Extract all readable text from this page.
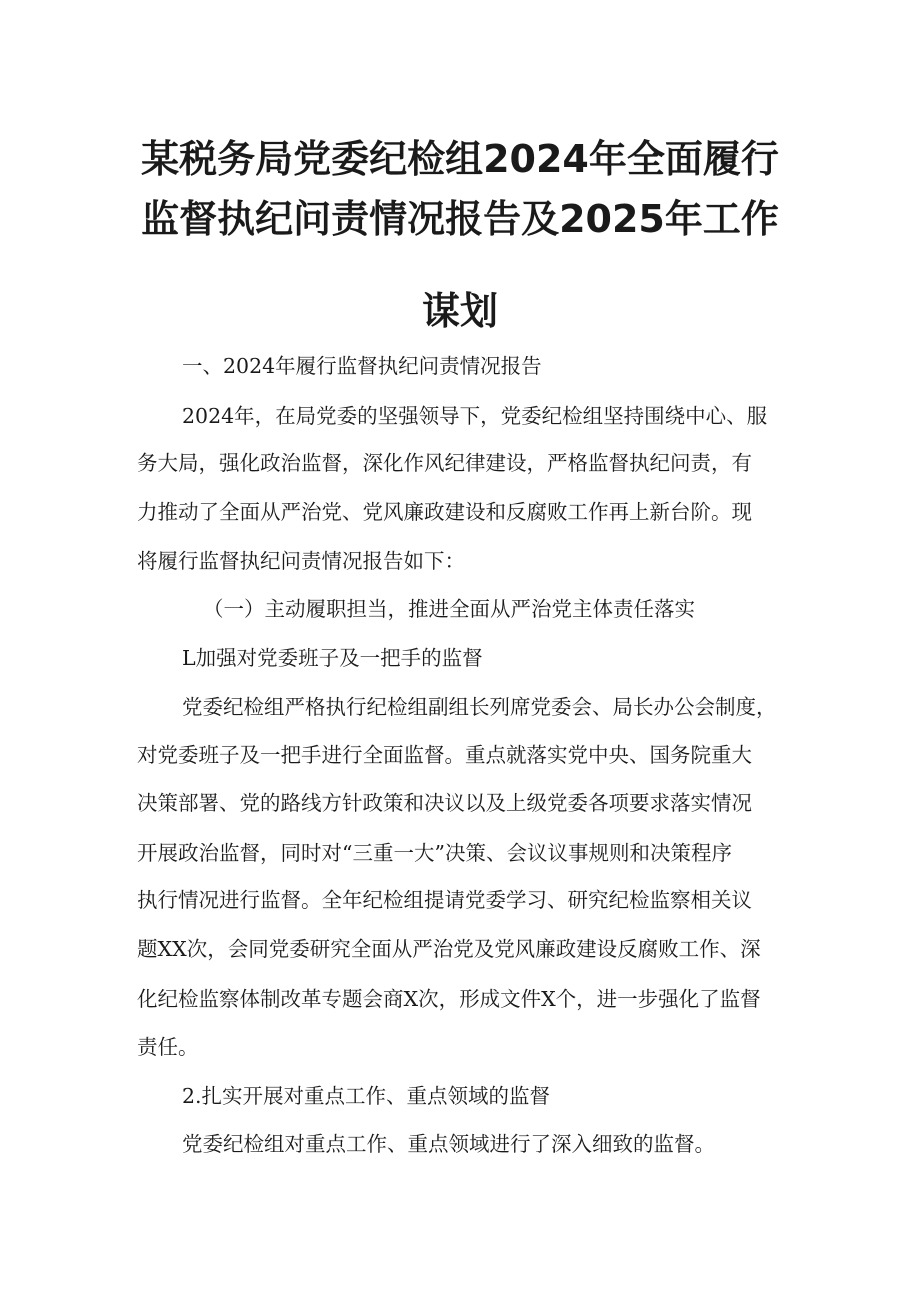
某税务局党委纪检组2024年全面履行
监督执纪问责情况报告及2025年工作
谋划
一、2024年履行监督执纪问责情况报告
2024年，在局党委的坚强领导下，党委纪检组坚持围绕中心、服
务大局，强化政治监督，深化作风纪律建设，严格监督执纪问责，有
力推动了全面从严治党、党风廉政建设和反腐败工作再上新台阶。现
将履行监督执纪问责情况报告如下：
（一）主动履职担当，推进全面从严治党主体责任落实
L加强对党委班子及一把手的监督
党委纪检组严格执行纪检组副组长列席党委会、局长办公会制度，
对党委班子及一把手进行全面监督。重点就落实党中央、国务院重大
决策部署、党的路线方针政策和决议以及上级党委各项要求落实情况
开展政治监督，同时对“三重一大”决策、会议议事规则和决策程序
执行情况进行监督。全年纪检组提请党委学习、研究纪检监察相关议
题XX次，会同党委研究全面从严治党及党风廉政建设反腐败工作、深
化纪检监察体制改革专题会商X次，形成文件X个，进一步强化了监督
责任。
2.扎实开展对重点工作、重点领域的监督
党委纪检组对重点工作、重点领域进行了深入细致的监督。
